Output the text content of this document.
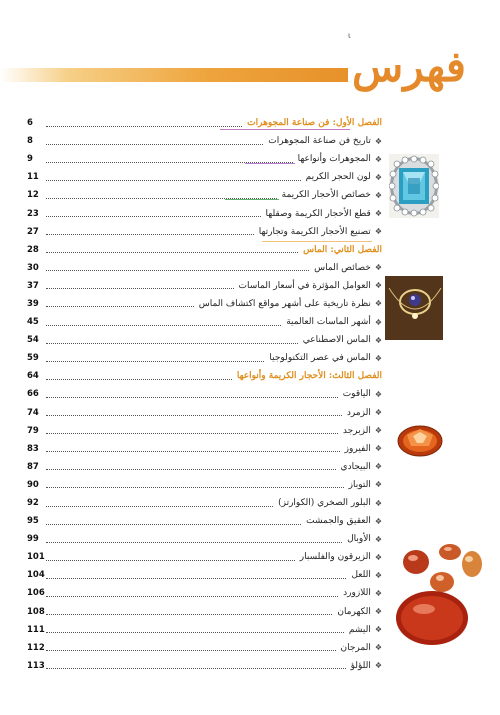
ι
فهرس
الفصل الأول: فن صناعة المجوهرات
6
❖
تاريخ فن صناعة المجوهرات
8
❖
المجوهرات وأنواعها
9
❖
لون الحجر الكريم
11
❖
خصائص الأحجار الكريمة
12
❖
قطع الأحجار الكريمة وصقلها
23
❖
تصنيع الأحجار الكريمة وتجارتها
27
الفصل الثاني: الماس
28
❖
خصائص الماس
30
❖
العوامل المؤثرة في أسعار الماسات
37
❖
نظرة تاريخية على أشهر مواقع اكتشاف الماس
39
❖
أشهر الماسات العالمية
45
❖
الماس الاصطناعي
54
❖
الماس في عصر التكنولوجيا
59
الفصل الثالث: الأحجار الكريمة وأنواعها
64
❖
الياقوت
66
❖
الزمرد
74
❖
الزبرجد
79
❖
الفيروز
83
❖
البيجادي
87
❖
التوباز
90
❖
البلور الصخري (الكوارتز)
92
❖
العقيق والجمشت
95
❖
الأوبال
99
❖
الزيرقون والفلسبار
101
❖
اللعل
104
❖
اللازورد
106
❖
الكهرمان
108
❖
اليشم
111
❖
المرجان
112
❖
اللؤلؤ
113
